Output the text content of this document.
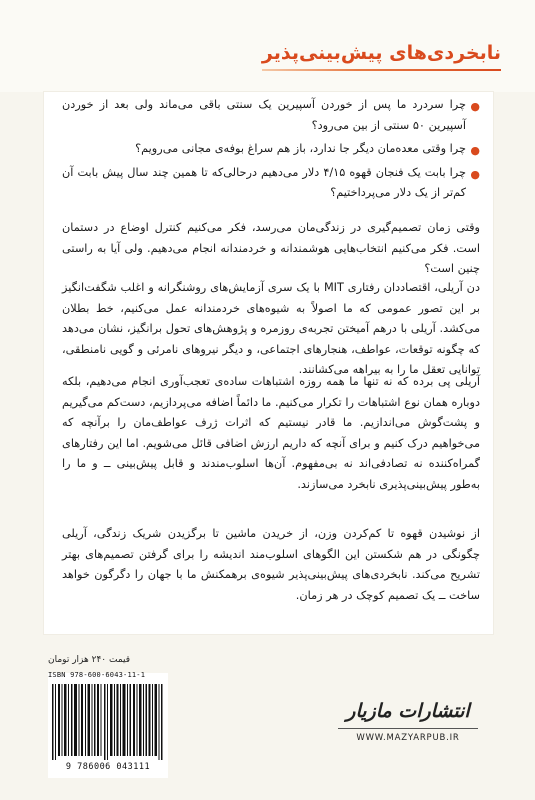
نابخردی‌های پیش‌بینی‌پذیر
●
چرا سردرد ما پس از خوردن آسپیرین یک سنتی باقی می‌ماند ولی بعد از خوردن آسپیرین ۵۰ سنتی از بین می‌رود؟
●
چرا وقتی معده‌مان دیگر جا ندارد، باز هم سراغ بوفه‌ی مجانی می‌رویم؟
●
چرا بابت یک فنجان قهوه ۴/۱۵ دلار می‌دهیم درحالی‌که تا همین چند سال پیش بابت آن کم‌تر از یک دلار می‌پرداختیم؟
وقتی زمان تصمیم‌گیری در زندگی‌مان می‌رسد، فکر می‌کنیم کنترل اوضاع در دستمان است. فکر می‌کنیم انتخاب‌هایی هوشمندانه و خردمندانه انجام می‌دهیم. ولی آیا به راستی چنین است؟
دن آریلی، اقتصاددان رفتاری MIT با یک سری آزمایش‌های روشنگرانه و اغلب شگفت‌انگیز بر این تصور عمومی که ما اصولاً به شیوه‌های خردمندانه عمل می‌کنیم، خط بطلان می‌کشد. آریلی با درهم آمیختن تجربه‌ی روزمره و پژوهش‌های تحول برانگیز، نشان می‌دهد که چگونه توقعات، عواطف، هنجارهای اجتماعی، و دیگر نیروهای نامرئی و گویی نامنطقی، توانایی تعقل ما را به بیراهه می‌کشانند.
آریلی پی برده که نه تنها ما همه روزه اشتباهات ساده‌ی تعجب‌آوری انجام می‌دهیم، بلکه دوباره همان نوع اشتباهات را تکرار می‌کنیم. ما دائماً اضافه می‌پردازیم، دست‌کم می‌گیریم و پشت‌گوش می‌اندازیم. ما قادر نیستیم که اثرات ژرف عواطف‌مان را برآنچه که می‌خواهیم درک کنیم و برای آنچه که داریم ارزش اضافی قائل می‌شویم. اما این رفتارهای گمراه‌کننده نه تصادفی‌اند نه بی‌مفهوم. آن‌ها اسلوب‌مندند و قابل پیش‌بینی ــ و ما را به‌طور پیش‌بینی‌پذیری نابخرد می‌سازند.
از نوشیدن قهوه تا کم‌کردن وزن، از خریدن ماشین تا برگزیدن شریک زندگی، آریلی چگونگی در هم شکستن این الگوهای اسلوب‌مند اندیشه را برای گرفتن تصمیم‌های بهتر تشریح می‌کند. نابخردی‌های پیش‌بینی‌پذیر شیوه‌ی برهمکنش ما با جهان را دگرگون خواهد ساخت ــ یک تصمیم کوچک در هر زمان.
قیمت ۲۴۰ هزار تومان
ISBN 978-600-6043-11-1
9 786006 043111
انتشارات مازیار
WWW.MAZYARPUB.IR
